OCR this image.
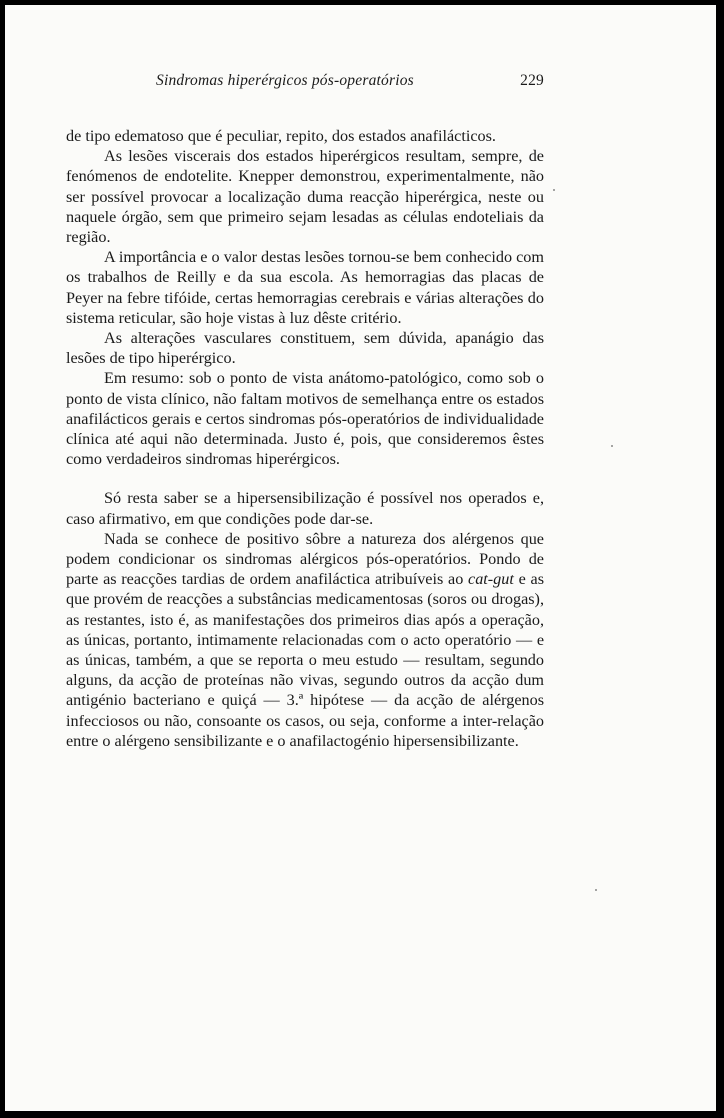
Sindromas hiperérgicos pós-operatórios	229

de tipo edematoso que é peculiar, repito, dos estados anafilácticos.

As lesões viscerais dos estados hiperérgicos resultam, sempre, de fenómenos de endotelite. Knepper demonstrou, experimentalmente, não ser possível provocar a localização duma reacção hiperérgica, neste ou naquele órgão, sem que primeiro sejam lesadas as células endoteliais da região.

A importância e o valor destas lesões tornou-se bem conhecido com os trabalhos de Reilly e da sua escola. As hemorragias das placas de Peyer na febre tifóide, certas hemorragias cerebrais e várias alterações do sistema reticular, são hoje vistas à luz dêste critério.

As alterações vasculares constituem, sem dúvida, apanágio das lesões de tipo hiperérgico.

Em resumo: sob o ponto de vista anátomo-patológico, como sob o ponto de vista clínico, não faltam motivos de semelhança entre os estados anafilácticos gerais e certos sindromas pós-operatórios de individualidade clínica até aqui não determinada. Justo é, pois, que consideremos êstes como verdadeiros sindromas hiperérgicos.

Só resta saber se a hipersensibilização é possível nos operados e, caso afirmativo, em que condições pode dar-se.

Nada se conhece de positivo sôbre a natureza dos alérgenos que podem condicionar os sindromas alérgicos pós-operatórios. Pondo de parte as reacções tardias de ordem anafiláctica atribuíveis ao cat-gut e as que provém de reacções a substâncias medicamentosas (soros ou drogas), as restantes, isto é, as manifestações dos primeiros dias após a operação, as únicas, portanto, intimamente relacionadas com o acto operatório — e as únicas, também, a que se reporta o meu estudo — resultam, segundo alguns, da acção de proteínas não vivas, segundo outros da acção dum antigénio bacteriano e quiçá — 3.ª hipótese — da acção de alérgenos infecciosos ou não, consoante os casos, ou seja, conforme a inter-relação entre o alérgeno sensibilizante e o anafilactogénio hipersensibilizante.
